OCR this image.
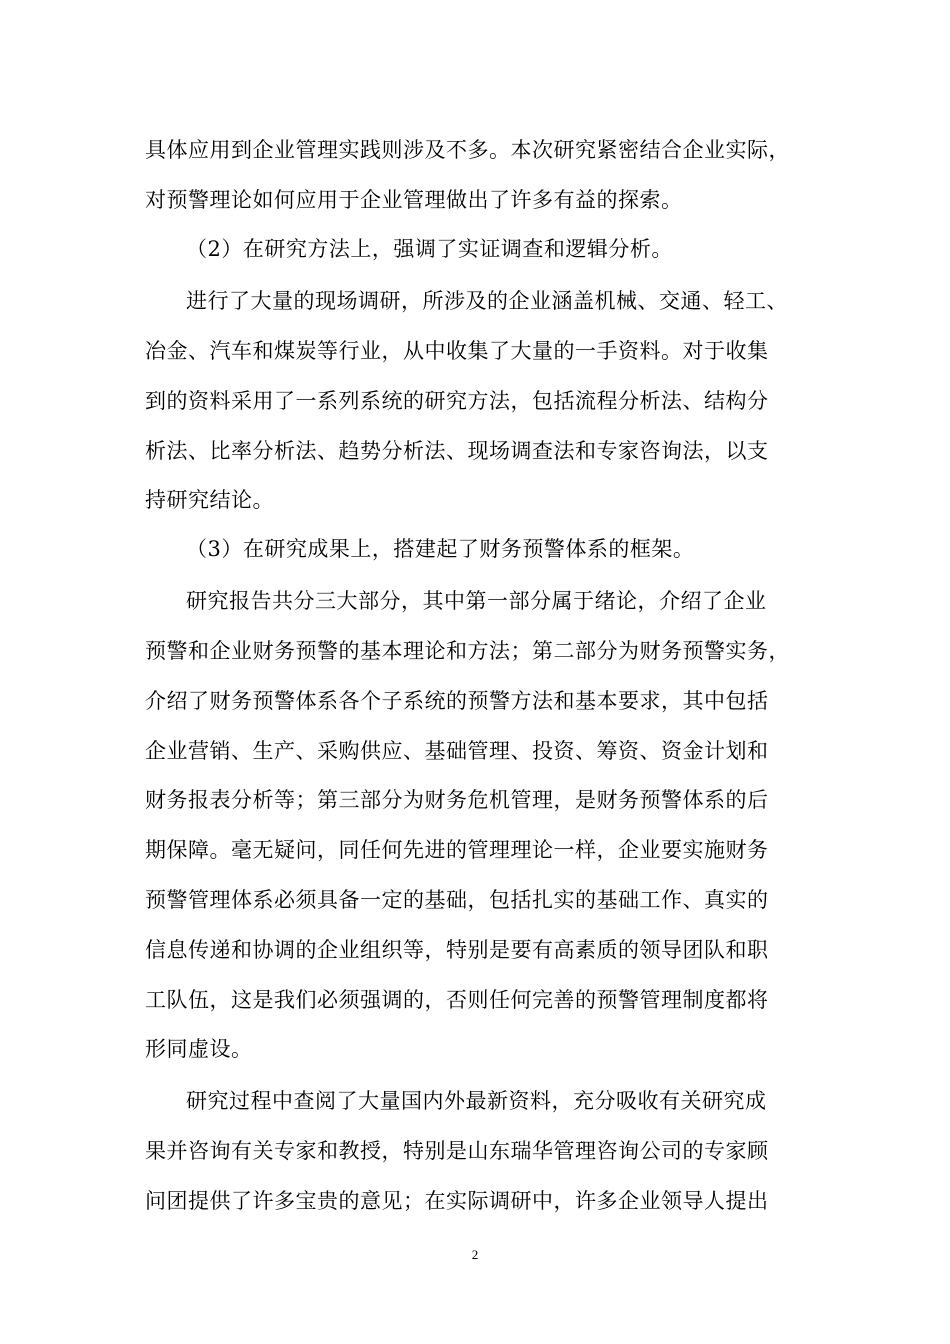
具体应用到企业管理实践则涉及不多。本次研究紧密结合企业实际，
对预警理论如何应用于企业管理做出了许多有益的探索。
（2）在研究方法上，强调了实证调查和逻辑分析。
进行了大量的现场调研，所涉及的企业涵盖机械、交通、轻工、
冶金、汽车和煤炭等行业，从中收集了大量的一手资料。对于收集
到的资料采用了一系列系统的研究方法，包括流程分析法、结构分
析法、比率分析法、趋势分析法、现场调查法和专家咨询法，以支
持研究结论。
（3）在研究成果上，搭建起了财务预警体系的框架。
研究报告共分三大部分，其中第一部分属于绪论，介绍了企业
预警和企业财务预警的基本理论和方法；第二部分为财务预警实务，
介绍了财务预警体系各个子系统的预警方法和基本要求，其中包括
企业营销、生产、采购供应、基础管理、投资、筹资、资金计划和
财务报表分析等；第三部分为财务危机管理，是财务预警体系的后
期保障。毫无疑问，同任何先进的管理理论一样，企业要实施财务
预警管理体系必须具备一定的基础，包括扎实的基础工作、真实的
信息传递和协调的企业组织等，特别是要有高素质的领导团队和职
工队伍，这是我们必须强调的，否则任何完善的预警管理制度都将
形同虚设。
研究过程中查阅了大量国内外最新资料，充分吸收有关研究成
果并咨询有关专家和教授，特别是山东瑞华管理咨询公司的专家顾
问团提供了许多宝贵的意见；在实际调研中，许多企业领导人提出
2
